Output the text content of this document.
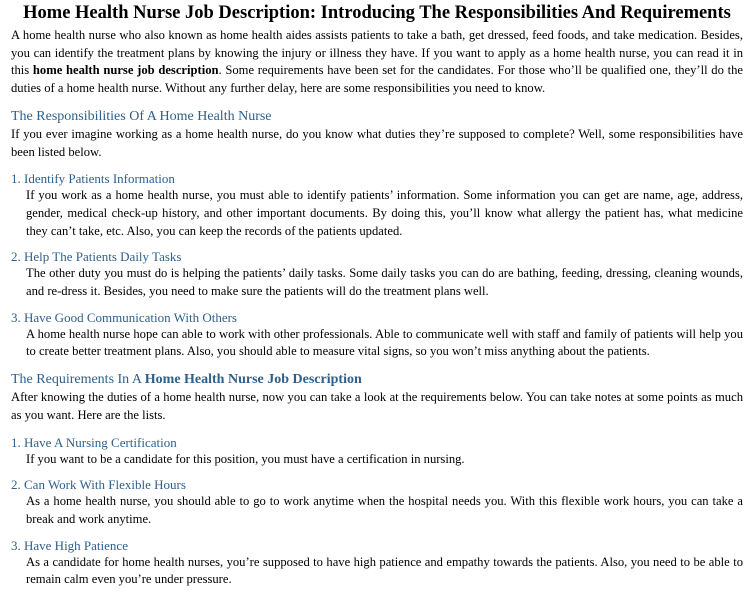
Home Health Nurse Job Description: Introducing The Responsibilities And Requirements

A home health nurse who also known as home health aides assists patients to take a bath, get dressed, feed foods, and take medication. Besides, you can identify the treatment plans by knowing the injury or illness they have. If you want to apply as a home health nurse, you can read it in this home health nurse job description. Some requirements have been set for the candidates. For those who’ll be qualified one, they’ll do the duties of a home health nurse. Without any further delay, here are some responsibilities you need to know.

The Responsibilities Of A Home Health Nurse

If you ever imagine working as a home health nurse, do you know what duties they’re supposed to complete? Well, some responsibilities have been listed below.

1. Identify Patients Information

If you work as a home health nurse, you must able to identify patients’ information. Some information you can get are name, age, address, gender, medical check-up history, and other important documents. By doing this, you’ll know what allergy the patient has, what medicine they can’t take, etc. Also, you can keep the records of the patients updated.

2. Help The Patients Daily Tasks

The other duty you must do is helping the patients’ daily tasks. Some daily tasks you can do are bathing, feeding, dressing, cleaning wounds, and re-dress it. Besides, you need to make sure the patients will do the treatment plans well.

3. Have Good Communication With Others

A home health nurse hope can able to work with other professionals. Able to communicate well with staff and family of patients will help you to create better treatment plans. Also, you should able to measure vital signs, so you won’t miss anything about the patients.

The Requirements In A Home Health Nurse Job Description

After knowing the duties of a home health nurse, now you can take a look at the requirements below. You can take notes at some points as much as you want. Here are the lists.

1. Have A Nursing Certification

If you want to be a candidate for this position, you must have a certification in nursing.

2. Can Work With Flexible Hours

As a home health nurse, you should able to go to work anytime when the hospital needs you. With this flexible work hours, you can take a break and work anytime.

3. Have High Patience

As a candidate for home health nurses, you’re supposed to have high patience and empathy towards the patients. Also, you need to be able to remain calm even you’re under pressure.
